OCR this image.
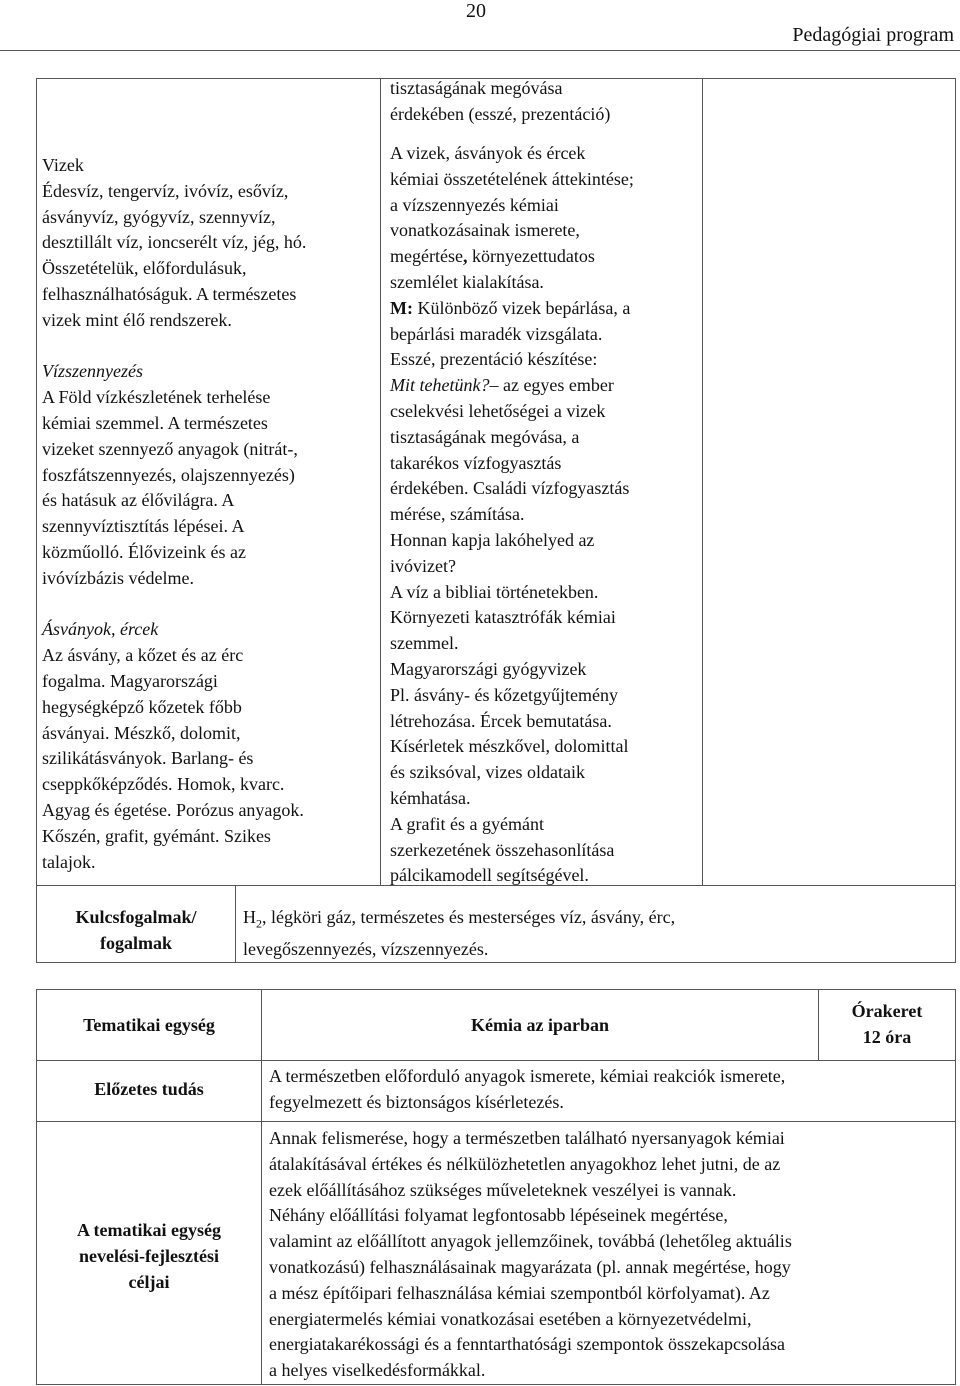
20
Pedagógiai program
Vizek
Édesvíz, tengervíz, ivóvíz, esővíz,
ásványvíz, gyógyvíz, szennyvíz,
desztillált víz, ioncserélt víz, jég, hó.
Összetételük, előfordulásuk,
felhasználhatóságuk. A természetes
vizek mint élő rendszerek.

Vízszennyezés
A Föld vízkészletének terhelése
kémiai szemmel. A természetes
vizeket szennyező anyagok (nitrát-,
foszfátszennyezés, olajszennyezés)
és hatásuk az élővilágra. A
szennyvíztisztítás lépései. A
közműolló. Élővizeink és az
ivóvízbázis védelme.

Ásványok, ércek
Az ásvány, a kőzet és az érc
fogalma. Magyarországi
hegységképző kőzetek főbb
ásványai. Mészkő, dolomit,
szilikátásványok. Barlang- és
cseppkőképződés. Homok, kvarc.
Agyag és égetése. Porózus anyagok.
Kőszén, grafit, gyémánt. Szikes
talajok.
tisztaságának megóvása
érdekében (esszé, prezentáció)
A vizek, ásványok és ércek
kémiai összetételének áttekintése;
a vízszennyezés kémiai
vonatkozásainak ismerete,
megértése, környezettudatos
szemlélet kialakítása.
M: Különböző vizek bepárlása, a
bepárlási maradék vizsgálata.
Esszé, prezentáció készítése:
Mit tehetünk?– az egyes ember
cselekvési lehetőségei a vizek
tisztaságának megóvása, a
takarékos vízfogyasztás
érdekében. Családi vízfogyasztás
mérése, számítása.
Honnan kapja lakóhelyed az
ivóvizet?
A víz a bibliai történetekben.
Környezeti katasztrófák kémiai
szemmel.
Magyarországi gyógyvizek
Pl. ásvány- és kőzetgyűjtemény
létrehozása. Ércek bemutatása.
Kísérletek mészkővel, dolomittal
és sziksóval, vizes oldataik
kémhatása.
A grafit és a gyémánt
szerkezetének összehasonlítása
pálcikamodell segítségével.
Kulcsfogalmak/
fogalmak
$H_2$, légköri gáz, természetes és mesterséges víz, ásvány, érc,
levegőszennyezés, vízszennyezés.
Tematikai egység	Kémia az iparban
Órakeret
12 óra
Előzetes tudás
A természetben előforduló anyagok ismerete, kémiai reakciók ismerete,
fegyelmezett és biztonságos kísérletezés.
A tematikai egység
nevelési-fejlesztési
céljai
Annak felismerése, hogy a természetben található nyersanyagok kémiai
átalakításával értékes és nélkülözhetetlen anyagokhoz lehet jutni, de az
ezek előállításához szükséges műveleteknek veszélyei is vannak.
Néhány előállítási folyamat legfontosabb lépéseinek megértése,
valamint az előállított anyagok jellemzőinek, továbbá (lehetőleg aktuális
vonatkozású) felhasználásainak magyarázata (pl. annak megértése, hogy
a mész építőipari felhasználása kémiai szempontból körfolyamat). Az
energiatermelés kémiai vonatkozásai esetében a környezetvédelmi,
energiatakarékossági és a fenntarthatósági szempontok összekapcsolása
a helyes viselkedésformákkal.
